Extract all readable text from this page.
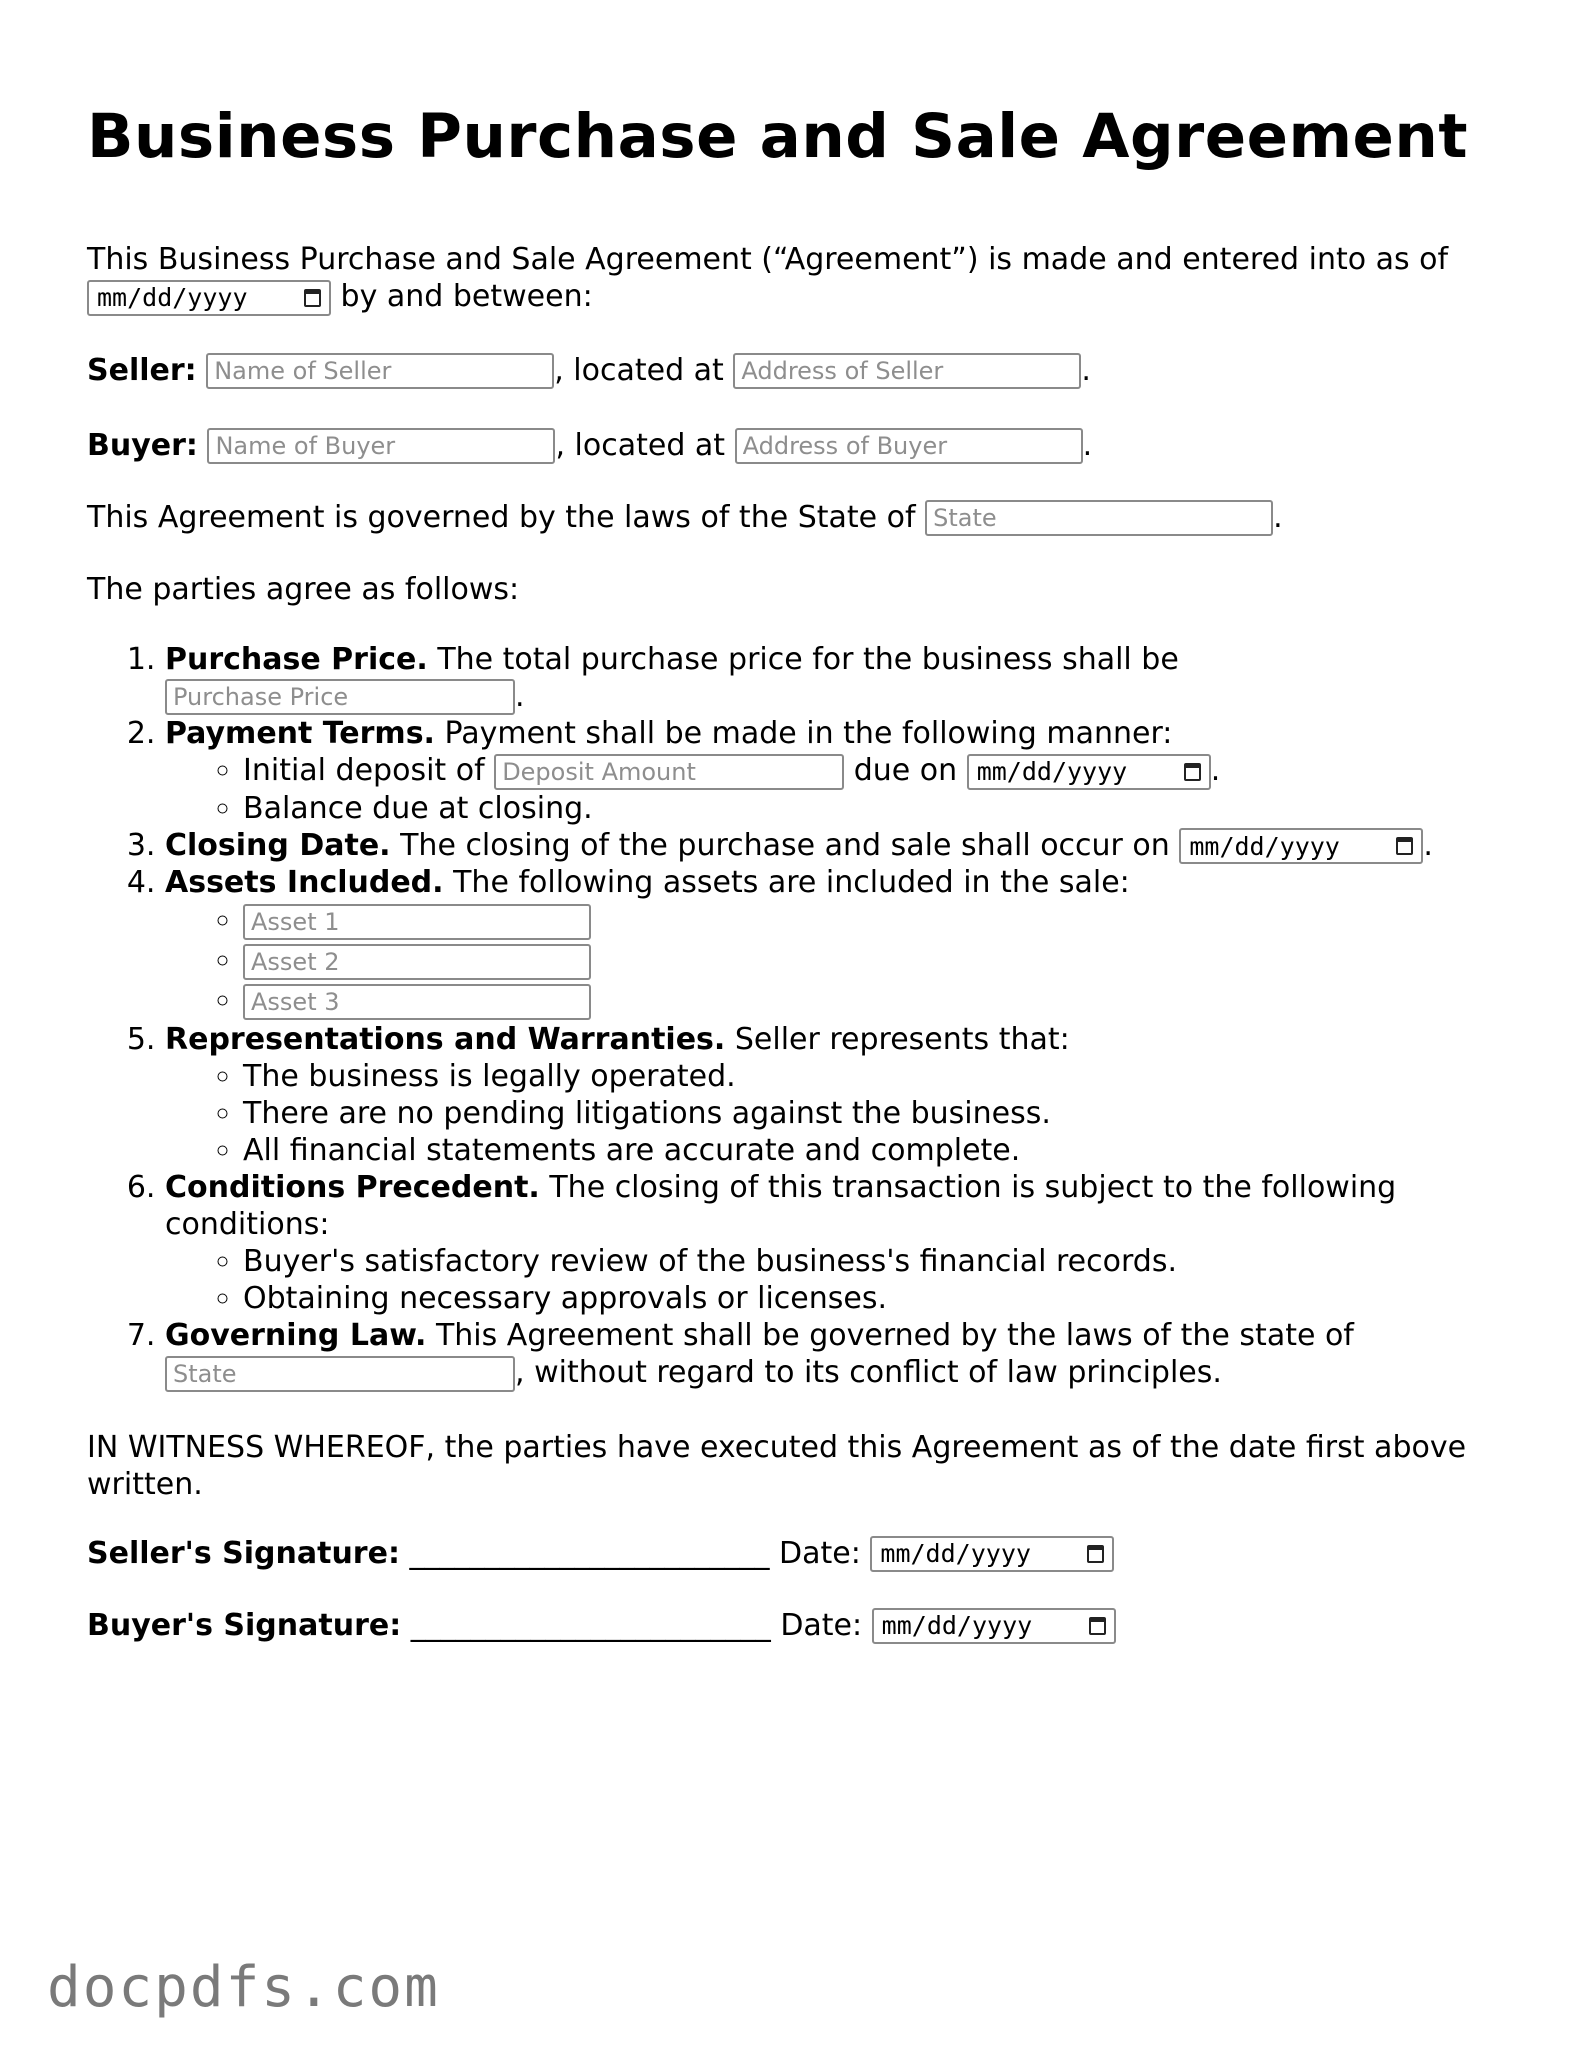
Business Purchase and Sale Agreement

This Business Purchase and Sale Agreement (“Agreement”) is made and entered into as of
mm/dd/yyyy	by and between:

Seller: Name of Seller	, located at Address of Seller	.

Buyer: Name of Buyer	, located at Address of Buyer	.

This Agreement is governed by the laws of the State of State	.

The parties agree as follows:

1. Purchase Price. The total purchase price for the business shall be
Purchase Price.
2. Payment Terms. Payment shall be made in the following manner:
◦ Initial deposit of Deposit Amount	due on mm/dd/yyyy	.
◦ Balance due at closing.
3. Closing Date. The closing of the purchase and sale shall occur on mm/dd/yyyy	.
4. Assets Included. The following assets are included in the sale:
◦ Asset 1
◦ Asset 2
◦ Asset 3
5. Representations and Warranties. Seller represents that:
◦ The business is legally operated.
◦ There are no pending litigations against the business.
◦ All financial statements are accurate and complete.
6. Conditions Precedent. The closing of this transaction is subject to the following conditions:
◦ Buyer's satisfactory review of the business's financial records.
◦ Obtaining necessary approvals or licenses.
7. Governing Law. This Agreement shall be governed by the laws of the state of
State, without regard to its conflict of law principles.

IN WITNESS WHEREOF, the parties have executed this Agreement as of the date first above written.

Seller's Signature: ________________________ Date: mm/dd/yyyy

Buyer's Signature: ________________________ Date: mm/dd/yyyy

docpdfs.com
